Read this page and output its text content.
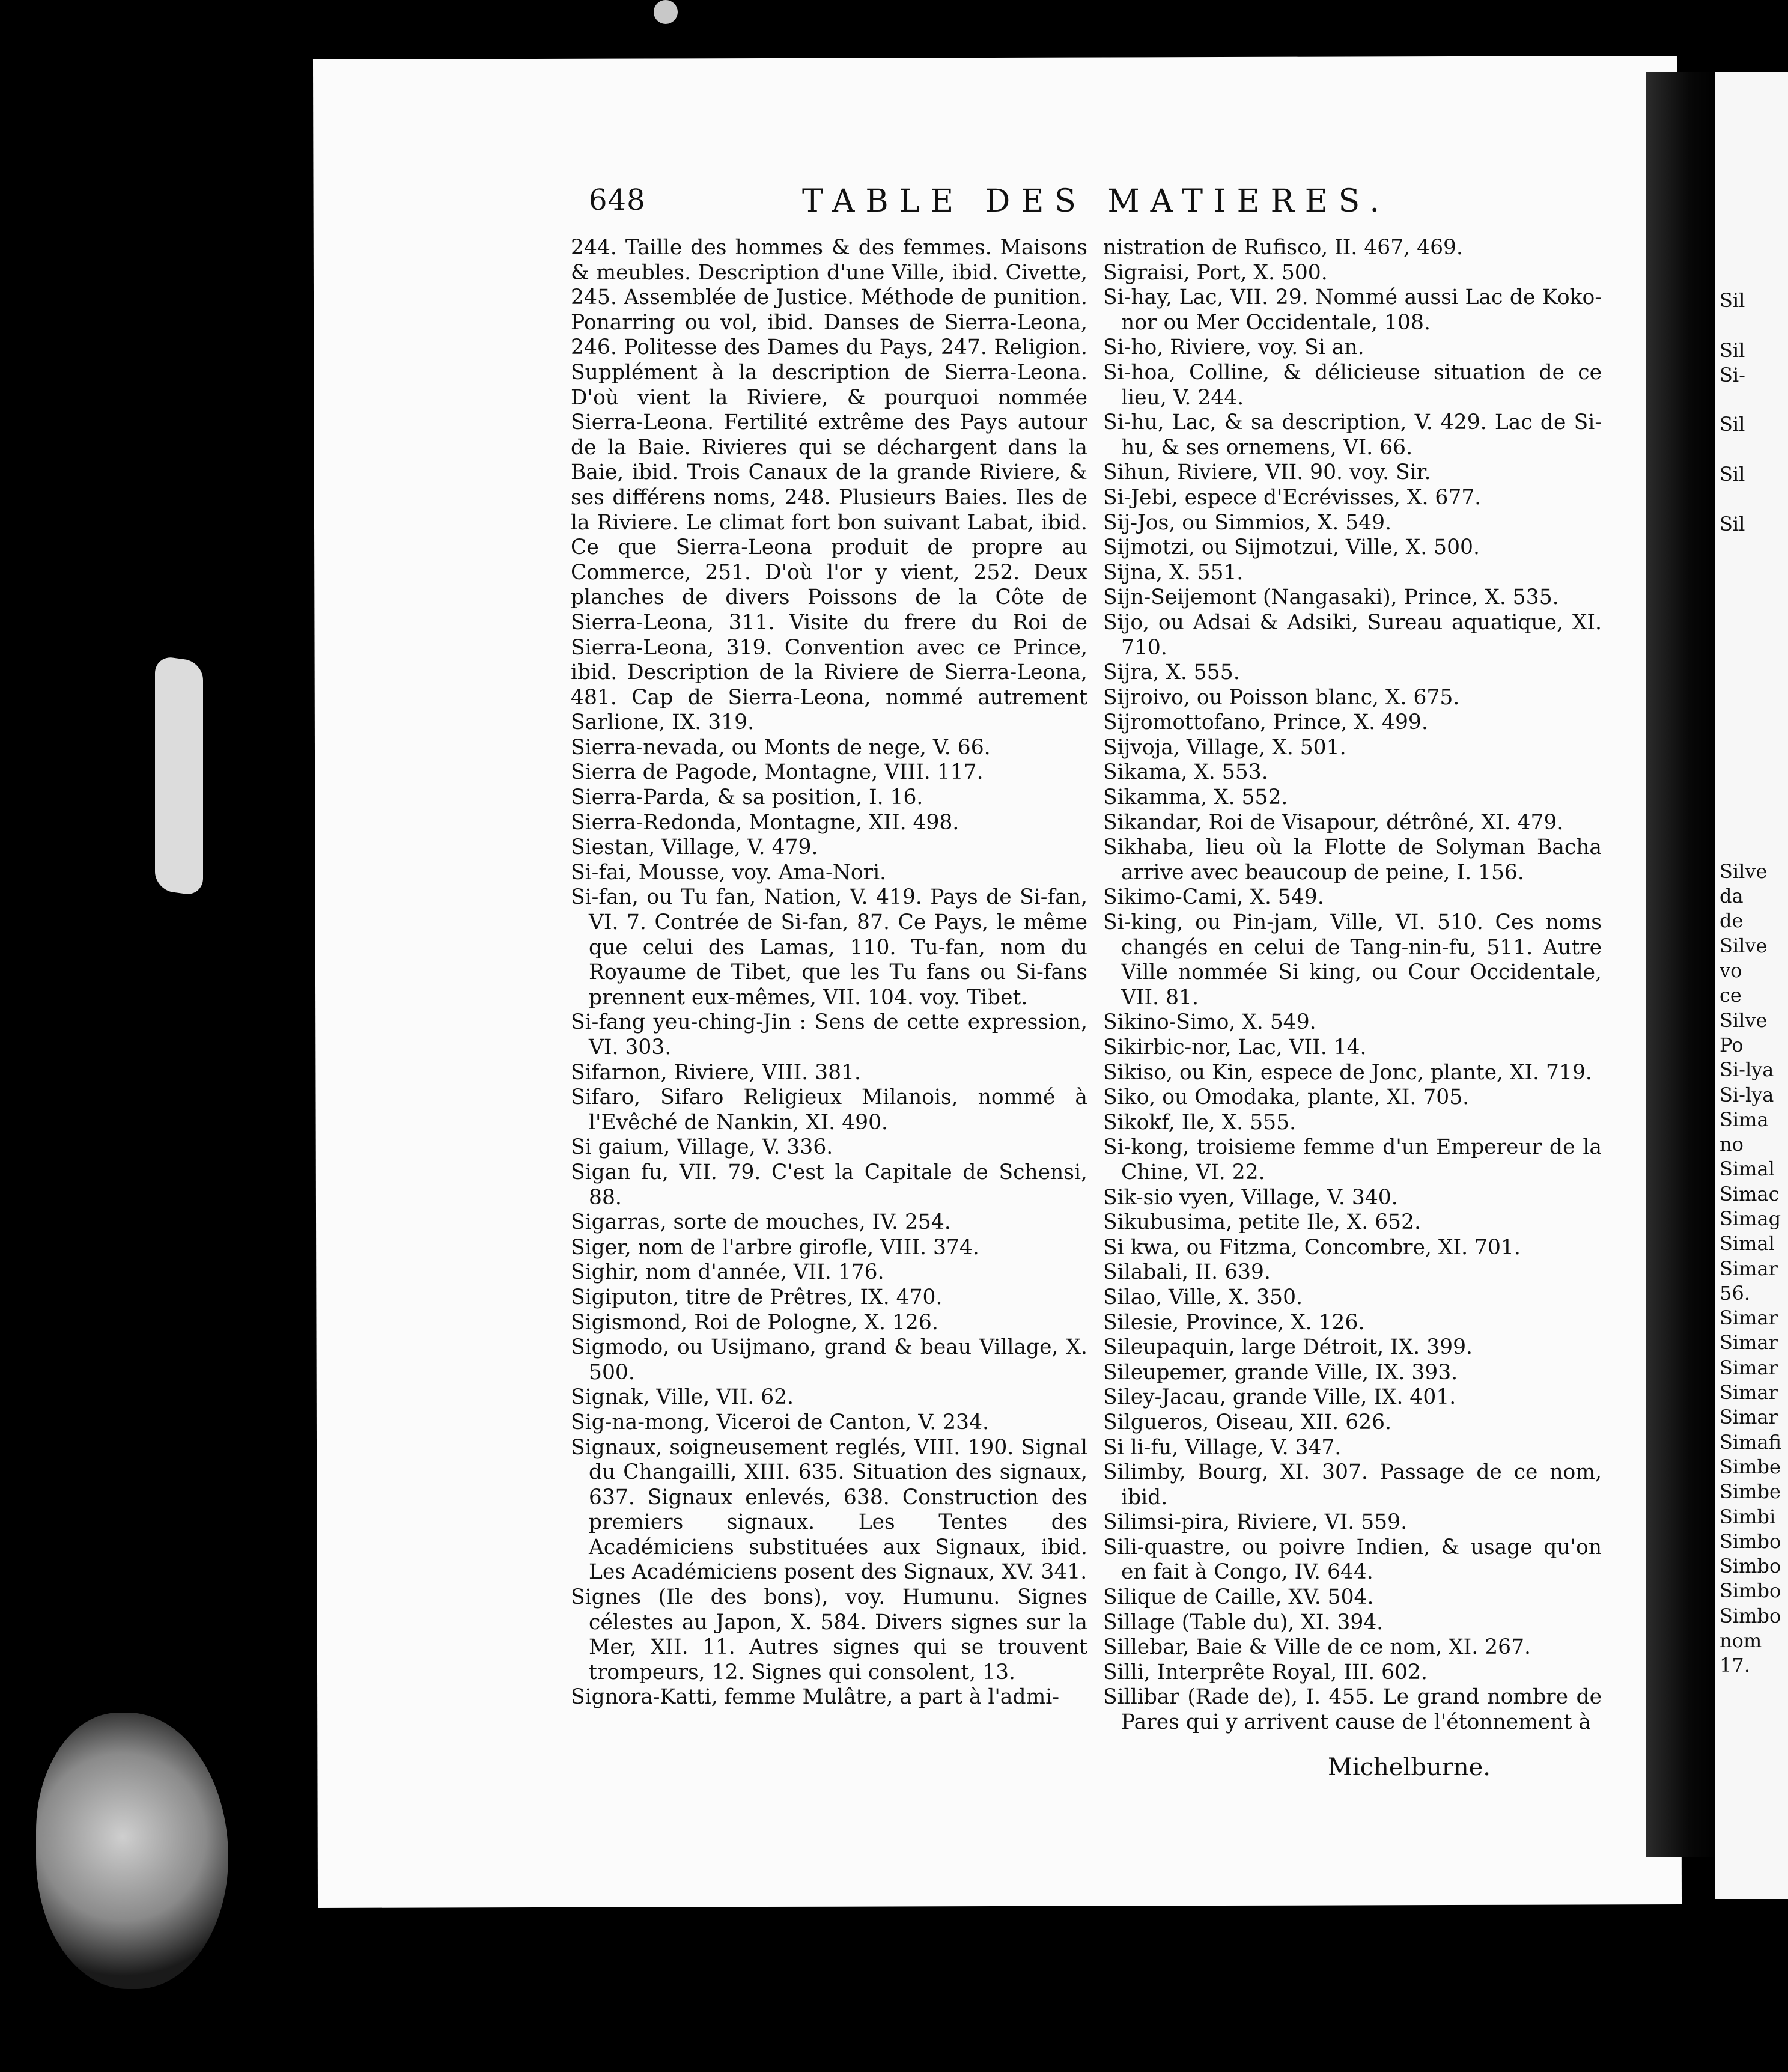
Sil
Sil
Si-
Sil
Sil
Sil
Silve
da
de
Silve
vo
ce
Silve
Po
Si-lya
Si-lya
Sima
no
Simal
Simac
Simag
Simal
Simar
56.
Simar
Simar
Simar
Simar
Simar
Simafi
Simbe
Simbe
Simbi
Simbo
Simbo
Simbo
Simbo
nom
17.
648	TABLE DES MATIERES.
244. Taille des hommes & des femmes. Maisons & meubles. Description d'une Ville, ibid. Civette, 245. Assemblée de Justice. Méthode de punition. Ponarring ou vol, ibid. Danses de Sierra-Leona, 246. Politesse des Dames du Pays, 247. Religion. Supplément à la description de Sierra-Leona. D'où vient la Riviere, & pourquoi nommée Sierra-Leona. Fertilité extrême des Pays autour de la Baie. Rivieres qui se déchargent dans la Baie, ibid. Trois Canaux de la grande Riviere, & ses différens noms, 248. Plusieurs Baies. Iles de la Riviere. Le climat fort bon suivant Labat, ibid. Ce que Sierra-Leona produit de propre au Commerce, 251. D'où l'or y vient, 252. Deux planches de divers Poissons de la Côte de Sierra-Leona, 311. Visite du frere du Roi de Sierra-Leona, 319. Convention avec ce Prince, ibid. Description de la Riviere de Sierra-Leona, 481. Cap de Sierra-Leona, nommé autrement Sarlione, IX. 319.
Sierra-nevada, ou Monts de nege, V. 66.
Sierra de Pagode, Montagne, VIII. 117.
Sierra-Parda, & sa position, I. 16.
Sierra-Redonda, Montagne, XII. 498.
Siestan, Village, V. 479.
Si-fai, Mousse, voy. Ama-Nori.
Si-fan, ou Tu fan, Nation, V. 419. Pays de Si-fan, VI. 7. Contrée de Si-fan, 87. Ce Pays, le même que celui des Lamas, 110. Tu-fan, nom du Royaume de Tibet, que les Tu fans ou Si-fans prennent eux-mêmes, VII. 104. voy. Tibet.
Si-fang yeu-ching-Jin : Sens de cette expression, VI. 303.
Sifarnon, Riviere, VIII. 381.
Sifaro, Sifaro Religieux Milanois, nommé à l'Evêché de Nankin, XI. 490.
Si gaium, Village, V. 336.
Sigan fu, VII. 79. C'est la Capitale de Schensi, 88.
Sigarras, sorte de mouches, IV. 254.
Siger, nom de l'arbre girofle, VIII. 374.
Sighir, nom d'année, VII. 176.
Sigiputon, titre de Prêtres, IX. 470.
Sigismond, Roi de Pologne, X. 126.
Sigmodo, ou Usijmano, grand & beau Village, X. 500.
Signak, Ville, VII. 62.
Sig-na-mong, Viceroi de Canton, V. 234.
Signaux, soigneusement reglés, VIII. 190. Signal du Changailli, XIII. 635. Situation des signaux, 637. Signaux enlevés, 638. Construction des premiers signaux. Les Tentes des Académiciens substituées aux Signaux, ibid. Les Académiciens posent des Signaux, XV. 341.
Signes (Ile des bons), voy. Humunu. Signes célestes au Japon, X. 584. Divers signes sur la Mer, XII. 11. Autres signes qui se trouvent trompeurs, 12. Signes qui consolent, 13.
Signora-Katti, femme Mulâtre, a part à l'admi-
nistration de Rufisco, II. 467, 469.
Sigraisi, Port, X. 500.
Si-hay, Lac, VII. 29. Nommé aussi Lac de Koko-nor ou Mer Occidentale, 108.
Si-ho, Riviere, voy. Si an.
Si-hoa, Colline, & délicieuse situation de ce lieu, V. 244.
Si-hu, Lac, & sa description, V. 429. Lac de Si-hu, & ses ornemens, VI. 66.
Sihun, Riviere, VII. 90. voy. Sir.
Si-Jebi, espece d'Ecrévisses, X. 677.
Sij-Jos, ou Simmios, X. 549.
Sijmotzi, ou Sijmotzui, Ville, X. 500.
Sijna, X. 551.
Sijn-Seijemont (Nangasaki), Prince, X. 535.
Sijo, ou Adsai & Adsiki, Sureau aquatique, XI. 710.
Sijra, X. 555.
Sijroivo, ou Poisson blanc, X. 675.
Sijromottofano, Prince, X. 499.
Sijvoja, Village, X. 501.
Sikama, X. 553.
Sikamma, X. 552.
Sikandar, Roi de Visapour, détrôné, XI. 479.
Sikhaba, lieu où la Flotte de Solyman Bacha arrive avec beaucoup de peine, I. 156.
Sikimo-Cami, X. 549.
Si-king, ou Pin-jam, Ville, VI. 510. Ces noms changés en celui de Tang-nin-fu, 511. Autre Ville nommée Si king, ou Cour Occidentale, VII. 81.
Sikino-Simo, X. 549.
Sikirbic-nor, Lac, VII. 14.
Sikiso, ou Kin, espece de Jonc, plante, XI. 719.
Siko, ou Omodaka, plante, XI. 705.
Sikokf, Ile, X. 555.
Si-kong, troisieme femme d'un Empereur de la Chine, VI. 22.
Sik-sio vyen, Village, V. 340.
Sikubusima, petite Ile, X. 652.
Si kwa, ou Fitzma, Concombre, XI. 701.
Silabali, II. 639.
Silao, Ville, X. 350.
Silesie, Province, X. 126.
Sileupaquin, large Détroit, IX. 399.
Sileupemer, grande Ville, IX. 393.
Siley-Jacau, grande Ville, IX. 401.
Silgueros, Oiseau, XII. 626.
Si li-fu, Village, V. 347.
Silimby, Bourg, XI. 307. Passage de ce nom, ibid.
Silimsi-pira, Riviere, VI. 559.
Sili-quastre, ou poivre Indien, & usage qu'on en fait à Congo, IV. 644.
Silique de Caille, XV. 504.
Sillage (Table du), XI. 394.
Sillebar, Baie & Ville de ce nom, XI. 267.
Silli, Interprête Royal, III. 602.
Sillibar (Rade de), I. 455. Le grand nombre de Pares qui y arrivent cause de l'étonnement à
Michelburne.
